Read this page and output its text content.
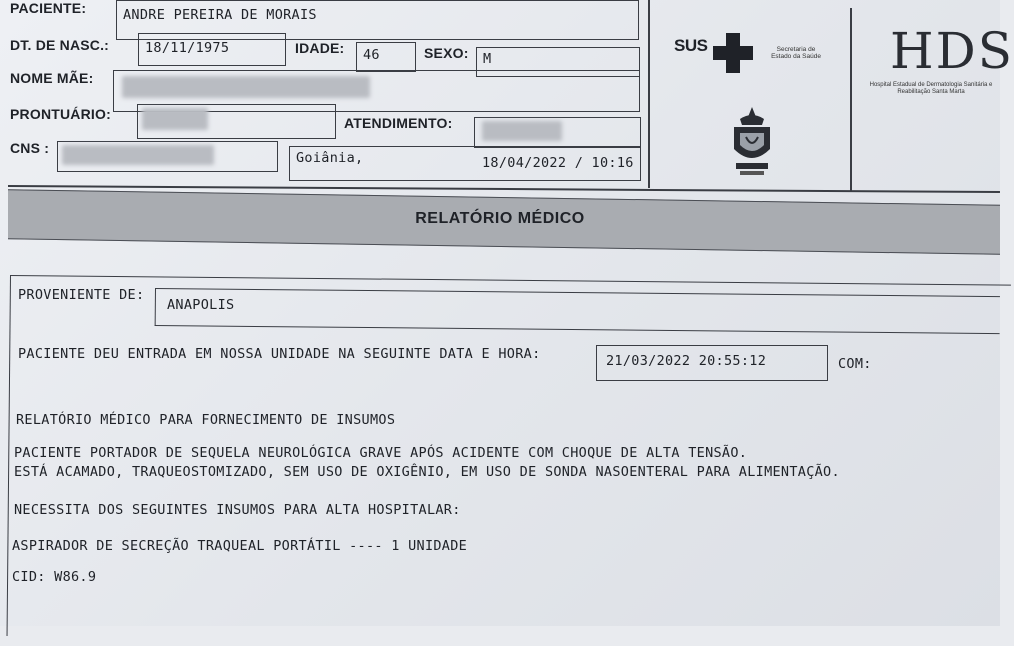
PACIENTE:	ANDRE PEREIRA DE MORAIS
DT. DE NASC.:	18/11/1975	IDADE:	46	SEXO:	M
NOME MÃE:
PRONTUÁRIO:
ATENDIMENTO:
CNS :
Goiânia,	18/04/2022 / 10:16
SUS	Secretaria de Estado da Saúde HDS
Hospital Estadual de Dermatologia Sanitária e Reabilitação Santa Marta
RELATÓRIO MÉDICO
PROVENIENTE DE:
ANAPOLIS
PACIENTE DEU ENTRADA EM NOSSA UNIDADE NA SEGUINTE DATA E HORA:	21/03/2022 20:55:12	COM:
RELATÓRIO MÉDICO PARA FORNECIMENTO DE INSUMOS
PACIENTE PORTADOR DE SEQUELA NEUROLÓGICA GRAVE APÓS ACIDENTE COM CHOQUE DE ALTA TENSÃO.
ESTÁ ACAMADO, TRAQUEOSTOMIZADO, SEM USO DE OXIGÊNIO, EM USO DE SONDA NASOENTERAL PARA ALIMENTAÇÃO.
NECESSITA DOS SEGUINTES INSUMOS PARA ALTA HOSPITALAR:
ASPIRADOR DE SECREÇÃO TRAQUEAL PORTÁTIL ---- 1 UNIDADE
CID: W86.9
